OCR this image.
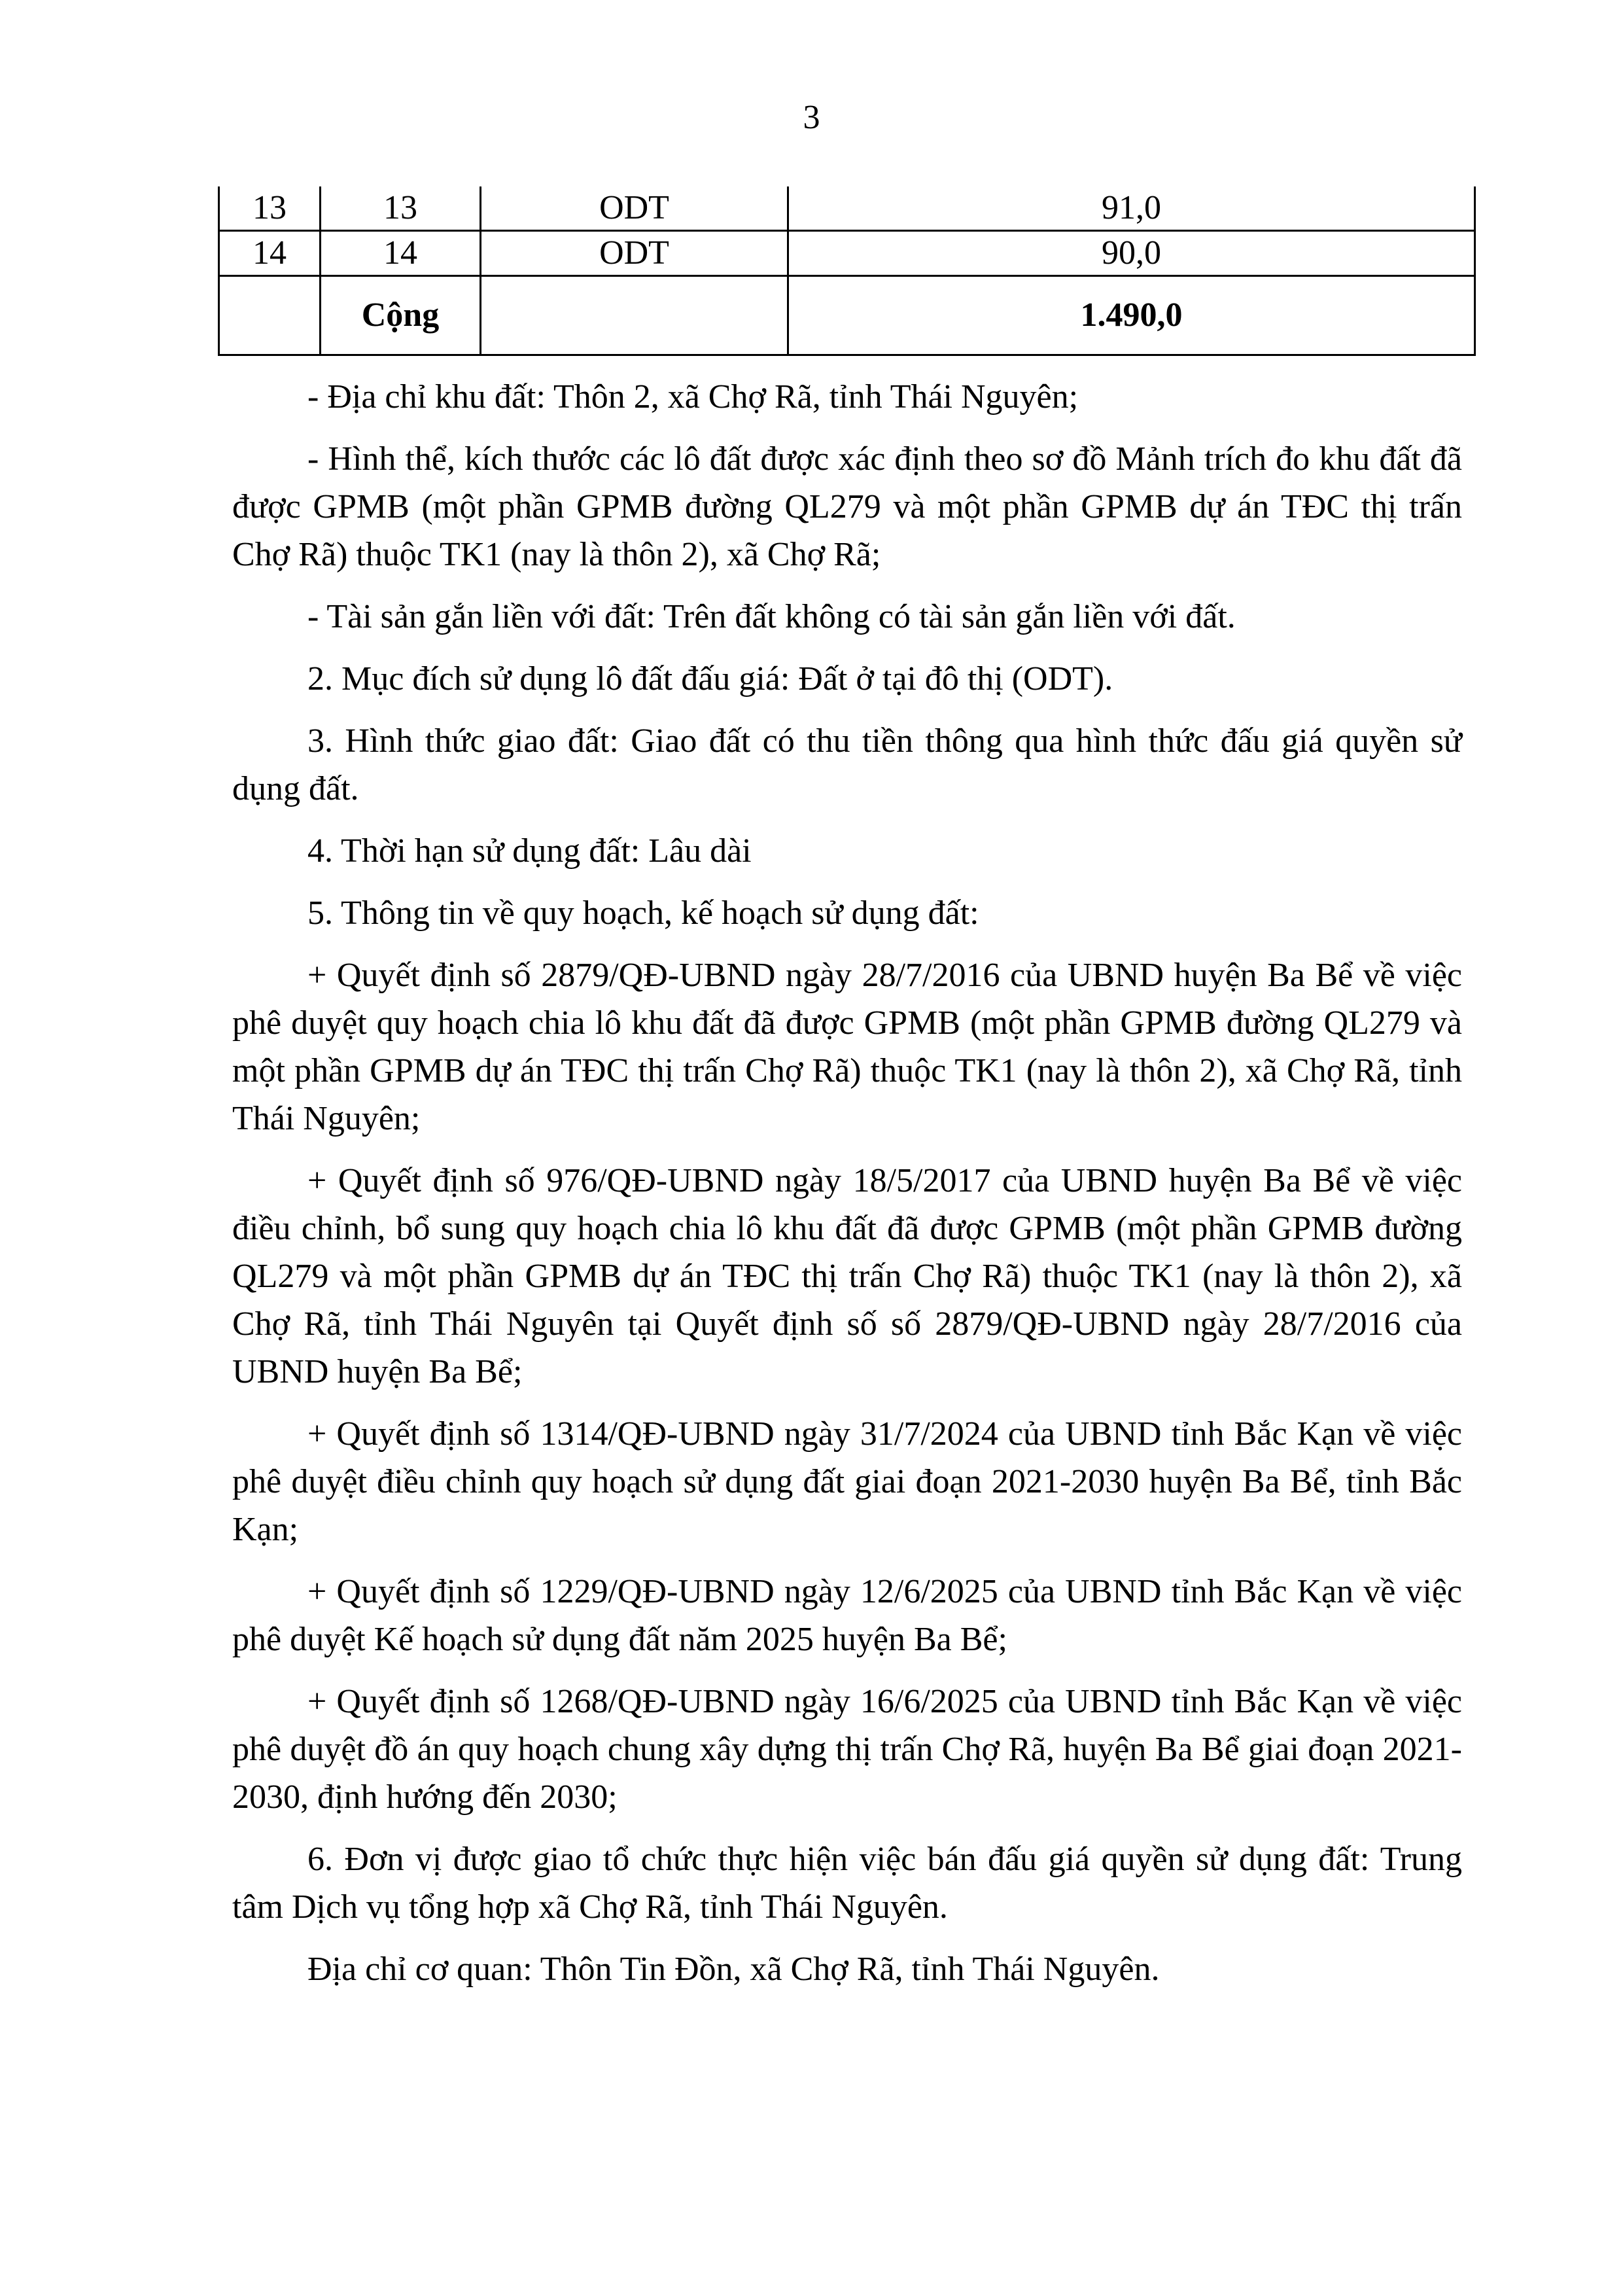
3
13	13	ODT	91,0
14	14	ODT	90,0
	Cộng		1.490,0

- Địa chỉ khu đất: Thôn 2, xã Chợ Rã, tỉnh Thái Nguyên;

- Hình thể, kích thước các lô đất được xác định theo sơ đồ Mảnh trích đo khu đất đã được GPMB (một phần GPMB đường QL279 và một phần GPMB dự án TĐC thị trấn Chợ Rã) thuộc TK1 (nay là thôn 2), xã Chợ Rã;

- Tài sản gắn liền với đất: Trên đất không có tài sản gắn liền với đất.

2. Mục đích sử dụng lô đất đấu giá: Đất ở tại đô thị (ODT).

3. Hình thức giao đất: Giao đất có thu tiền thông qua hình thức đấu giá quyền sử dụng đất.

4. Thời hạn sử dụng đất: Lâu dài

5. Thông tin về quy hoạch, kế hoạch sử dụng đất:

+ Quyết định số 2879/QĐ-UBND ngày 28/7/2016 của UBND huyện Ba Bể về việc phê duyệt quy hoạch chia lô khu đất đã được GPMB (một phần GPMB đường QL279 và một phần GPMB dự án TĐC thị trấn Chợ Rã) thuộc TK1 (nay là thôn 2), xã Chợ Rã, tỉnh Thái Nguyên;

+ Quyết định số 976/QĐ-UBND ngày 18/5/2017 của UBND huyện Ba Bể về việc điều chỉnh, bổ sung quy hoạch chia lô khu đất đã được GPMB (một phần GPMB đường QL279 và một phần GPMB dự án TĐC thị trấn Chợ Rã) thuộc TK1 (nay là thôn 2), xã Chợ Rã, tỉnh Thái Nguyên tại Quyết định số số 2879/QĐ-UBND ngày 28/7/2016 của UBND huyện Ba Bể;

+ Quyết định số 1314/QĐ-UBND ngày 31/7/2024 của UBND tỉnh Bắc Kạn về việc phê duyệt điều chỉnh quy hoạch sử dụng đất giai đoạn 2021-2030 huyện Ba Bể, tỉnh Bắc Kạn;

+ Quyết định số 1229/QĐ-UBND ngày 12/6/2025 của UBND tỉnh Bắc Kạn về việc phê duyệt Kế hoạch sử dụng đất năm 2025 huyện Ba Bể;

+ Quyết định số 1268/QĐ-UBND ngày 16/6/2025 của UBND tỉnh Bắc Kạn về việc phê duyệt đồ án quy hoạch chung xây dựng thị trấn Chợ Rã, huyện Ba Bể giai đoạn 2021-2030, định hướng đến 2030;

6. Đơn vị được giao tổ chức thực hiện việc bán đấu giá quyền sử dụng đất: Trung tâm Dịch vụ tổng hợp xã Chợ Rã, tỉnh Thái Nguyên.

Địa chỉ cơ quan: Thôn Tin Đồn, xã Chợ Rã, tỉnh Thái Nguyên.
